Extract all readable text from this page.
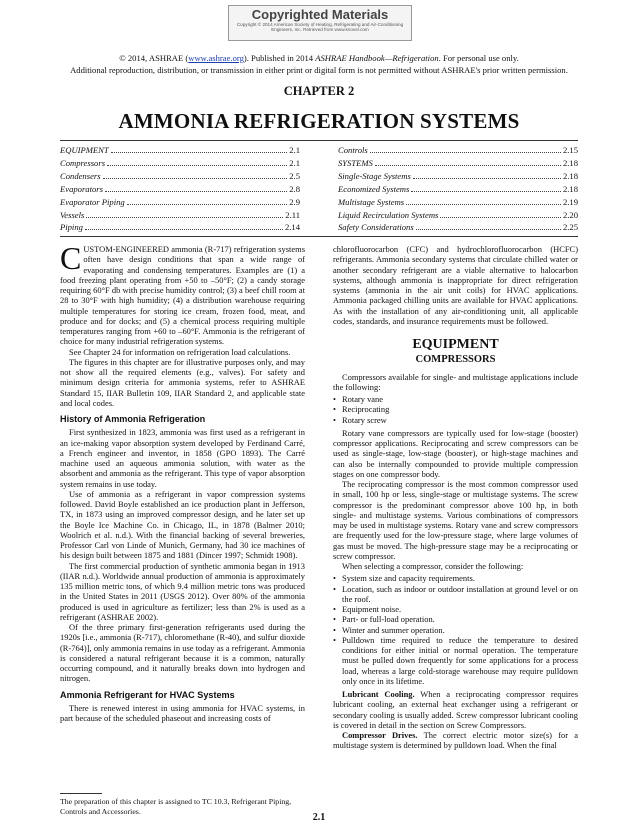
Copyrighted Materials
Copyright © 2014 American Society of Heating, Refrigerating and Air-Conditioning
Engineers, Inc. Retrieved from www.knovel.com
© 2014, ASHRAE (www.ashrae.org). Published in 2014 ASHRAE Handbook—Refrigeration. For personal use only.
Additional reproduction, distribution, or transmission in either print or digital form is not permitted without ASHRAE's prior written permission.
CHAPTER 2
AMMONIA REFRIGERATION SYSTEMS
EQUIPMENT	2.1
Compressors	2.1
Condensers	2.5
Evaporators	2.8
Evaporator Piping	2.9
Vessels	2.11
Piping	2.14
Controls	2.15
SYSTEMS	2.18
Single-Stage Systems	2.18
Economized Systems	2.18
Multistage Systems	2.19
Liquid Recirculation Systems	2.20
Safety Considerations	2.25

CUSTOM-ENGINEERED ammonia (R-717) refrigeration systems often have design conditions that span a wide range of evaporating and condensing temperatures. Examples are (1) a food freezing plant operating from +50 to –50°F; (2) a candy storage requiring 60°F db with precise humidity control; (3) a beef chill room at 28 to 30°F with high humidity; (4) a distribution warehouse requiring multiple temperatures for storing ice cream, frozen food, meat, and produce and for docks; and (5) a chemical process requiring multiple temperatures ranging from +60 to –60°F. Ammonia is the refrigerant of choice for many industrial refrigeration systems.

See Chapter 24 for information on refrigeration load calculations.

The figures in this chapter are for illustrative purposes only, and may not show all the required elements (e.g., valves). For safety and minimum design criteria for ammonia systems, refer to ASHRAE Standard 15, IIAR Bulletin 109, IIAR Standard 2, and applicable state and local codes.

History of Ammonia Refrigeration

First synthesized in 1823, ammonia was first used as a refrigerant in an ice-making vapor absorption system developed by Ferdinand Carré, a French engineer and inventor, in 1858 (GPO 1893). The Carré machine used an aqueous ammonia solution, with water as the absorbent and ammonia as the refrigerant. This type of vapor absorption system remains in use today.

Use of ammonia as a refrigerant in vapor compression systems followed. David Boyle established an ice production plant in Jefferson, TX, in 1873 using an improved compressor design, and he later set up the Boyle Ice Machine Co. in Chicago, IL, in 1878 (Balmer 2010; Woolrich et al. n.d.). With the financial backing of several breweries, Professor Carl von Linde of Munich, Germany, had 30 ice machines of his design built between 1875 and 1881 (Dincer 1997; Schmidt 1908).

The first commercial production of synthetic ammonia began in 1913 (IIAR n.d.). Worldwide annual production of ammonia is approximately 135 million metric tons, of which 9.4 million metric tons was produced in the United States in 2011 (USGS 2012). Over 80% of the ammonia produced is used in agriculture as fertilizer; less than 2% is used as a refrigerant (ASHRAE 2002).

Of the three primary first-generation refrigerants used during the 1920s [i.e., ammonia (R-717), chloromethane (R-40), and sulfur dioxide (R-764)], only ammonia remains in use today as a refrigerant. Ammonia is considered a natural refrigerant because it is a common, naturally occurring compound, and it naturally breaks down into hydrogen and nitrogen.

Ammonia Refrigerant for HVAC Systems

There is renewed interest in using ammonia for HVAC systems, in part because of the scheduled phaseout and increasing costs of

chlorofluorocarbon (CFC) and hydrochlorofluorocarbon (HCFC) refrigerants. Ammonia secondary systems that circulate chilled water or another secondary refrigerant are a viable alternative to halocarbon systems, although ammonia is inappropriate for direct refrigeration systems (ammonia in the air unit coils) for HVAC applications. Ammonia packaged chilling units are available for HVAC applications. As with the installation of any air-conditioning unit, all applicable codes, standards, and insurance requirements must be followed.

EQUIPMENT
COMPRESSORS

Compressors available for single- and multistage applications include the following:

• Rotary vane
• Reciprocating
• Rotary screw

Rotary vane compressors are typically used for low-stage (booster) compressor applications. Reciprocating and screw compressors can be used as single-stage, low-stage (booster), or high-stage machines and can also be internally compounded to provide multiple compression stages on one compressor body.

The reciprocating compressor is the most common compressor used in small, 100 hp or less, single-stage or multistage systems. The screw compressor is the predominant compressor above 100 hp, in both single- and multistage systems. Various combinations of compressors may be used in multistage systems. Rotary vane and screw compressors are frequently used for the low-pressure stage, where large volumes of gas must be moved. The high-pressure stage may be a reciprocating or screw compressor.

When selecting a compressor, consider the following:

• System size and capacity requirements.
• Location, such as indoor or outdoor installation at ground level or on the roof.
• Equipment noise.
• Part- or full-load operation.
• Winter and summer operation.
• Pulldown time required to reduce the temperature to desired conditions for either initial or normal operation. The temperature must be pulled down frequently for some applications for a process load, whereas a large cold-storage warehouse may require pulldown only once in its lifetime.

Lubricant Cooling. When a reciprocating compressor requires lubricant cooling, an external heat exchanger using a refrigerant or secondary cooling is usually added. Screw compressor lubricant cooling is covered in detail in the section on Screw Compressors.

Compressor Drives. The correct electric motor size(s) for a multistage system is determined by pulldown load. When the final

The preparation of this chapter is assigned to TC 10.3, Refrigerant Piping, Controls and Accessories.
2.1
